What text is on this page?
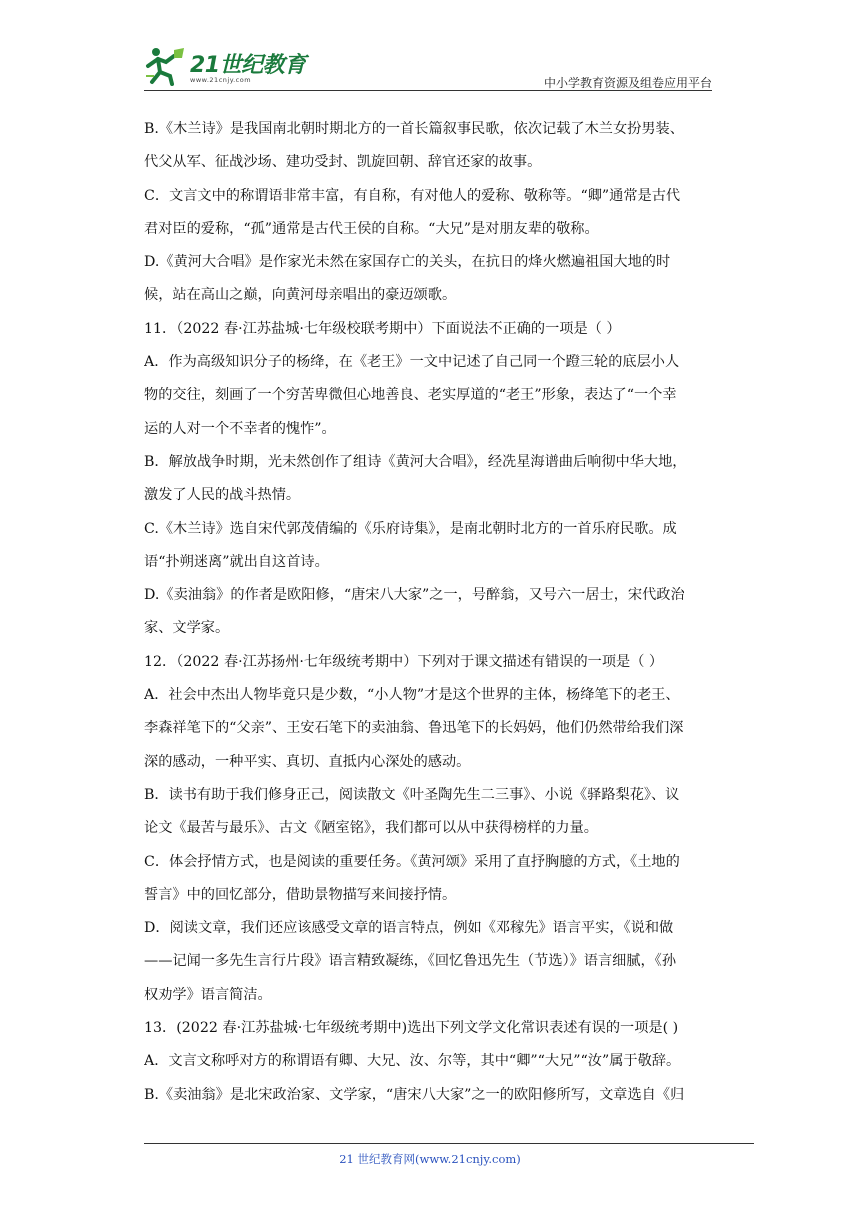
21世纪教育
www.21cnjy.com	中小学教育资源及组卷应用平台
B.《木兰诗》是我国南北朝时期北方的一首长篇叙事民歌，依次记载了木兰女扮男装、
代父从军、征战沙场、建功受封、凯旋回朝、辞官还家的故事。
C．文言文中的称谓语非常丰富，有自称，有对他人的爱称、敬称等。“卿”通常是古代
君对臣的爱称，“孤”通常是古代王侯的自称。“大兄”是对朋友辈的敬称。
D.《黄河大合唱》是作家光未然在家国存亡的关头，在抗日的烽火燃遍祖国大地的时
候，站在高山之巅，向黄河母亲唱出的豪迈颂歌。
11．（2022 春·江苏盐城·七年级校联考期中）下面说法不正确的一项是（ ）
A．作为高级知识分子的杨绛，在《老王》一文中记述了自己同一个蹬三轮的底层小人
物的交往，刻画了一个穷苦卑微但心地善良、老实厚道的“老王”形象，表达了“一个幸
运的人对一个不幸者的愧怍”。
B．解放战争时期，光未然创作了组诗《黄河大合唱》，经冼星海谱曲后响彻中华大地，
激发了人民的战斗热情。
C.《木兰诗》选自宋代郭茂倩编的《乐府诗集》，是南北朝时北方的一首乐府民歌。成
语“扑朔迷离”就出自这首诗。
D.《卖油翁》的作者是欧阳修，“唐宋八大家”之一，号醉翁，又号六一居士，宋代政治
家、文学家。
12．（2022 春·江苏扬州·七年级统考期中）下列对于课文描述有错误的一项是（ ）
A．社会中杰出人物毕竟只是少数，“小人物”才是这个世界的主体，杨绛笔下的老王、
李森祥笔下的“父亲”、王安石笔下的卖油翁、鲁迅笔下的长妈妈，他们仍然带给我们深
深的感动，一种平实、真切、直抵内心深处的感动。
B．读书有助于我们修身正己，阅读散文《叶圣陶先生二三事》、小说《驿路梨花》、议
论文《最苦与最乐》、古文《陋室铭》，我们都可以从中获得榜样的力量。
C．体会抒情方式，也是阅读的重要任务。《黄河颂》采用了直抒胸臆的方式，《土地的
誓言》中的回忆部分，借助景物描写来间接抒情。
D．阅读文章，我们还应该感受文章的语言特点，例如《邓稼先》语言平实，《说和做
——记闻一多先生言行片段》语言精致凝练，《回忆鲁迅先生（节选）》语言细腻，《孙
权劝学》语言简洁。
13．(2022 春·江苏盐城·七年级统考期中)选出下列文学文化常识表述有误的一项是( )
A．文言文称呼对方的称谓语有卿、大兄、汝、尔等，其中“卿”“大兄”“汝”属于敬辞。
B.《卖油翁》是北宋政治家、文学家，“唐宋八大家”之一的欧阳修所写，文章选自《归
21 世纪教育网(www.21cnjy.com)
